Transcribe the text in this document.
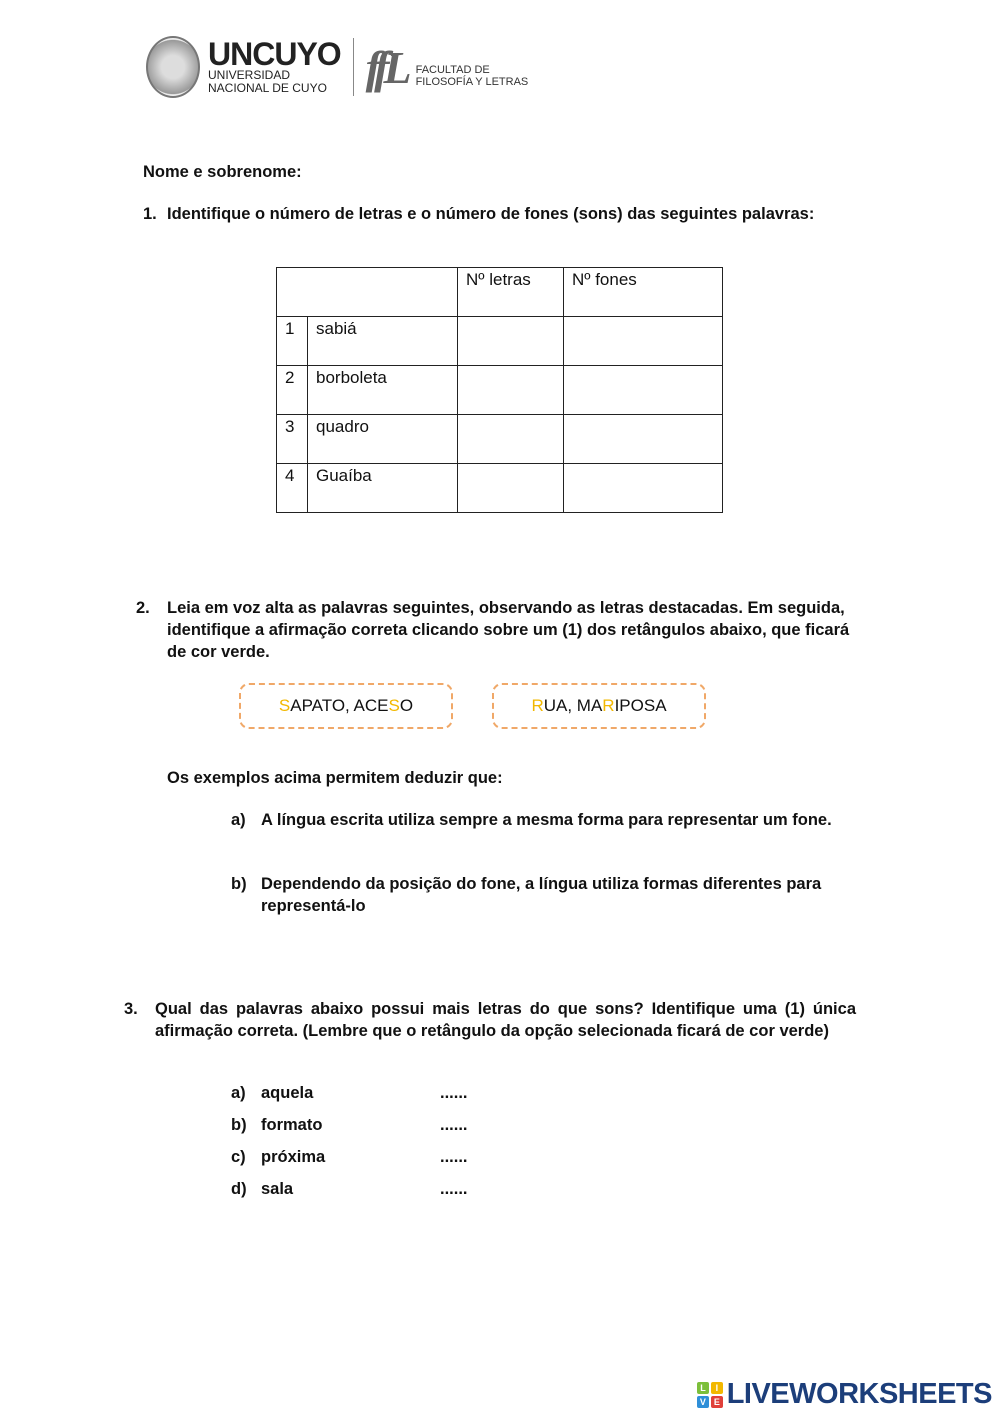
UNCUYO
UNIVERSIDAD
NACIONAL DE CUYO ffL FACULTAD DE
FILOSOFÍA Y LETRAS
Nome e sobrenome:
1. Identifique o número de letras e o número de fones (sons) das seguintes palavras:
		Nº letras	Nº fones
1	sabiá		
2	borboleta		
3	quadro		
4	Guaíba		
2.	Leia em voz alta as palavras seguintes, observando as letras destacadas. Em seguida, identifique a afirmação correta clicando sobre um (1) dos retângulos abaixo, que ficará de cor verde.
S APATO, ACE S O	R UA, MA R IPOSA
Os exemplos acima permitem deduzir que:
a) A língua escrita utiliza sempre a mesma forma para representar um fone.
b) Dependendo da posição do fone, a língua utiliza formas diferentes para representá-lo
3.	Qual das palavras abaixo possui mais letras do que sons? Identifique uma (1) única afirmação correta. (Lembre que o retângulo da opção selecionada ficará de cor verde)
a) aquela	......
b) formato	......
c) próxima	......
d) sala	......
L	I
V E LIVEWORKSHEETS
